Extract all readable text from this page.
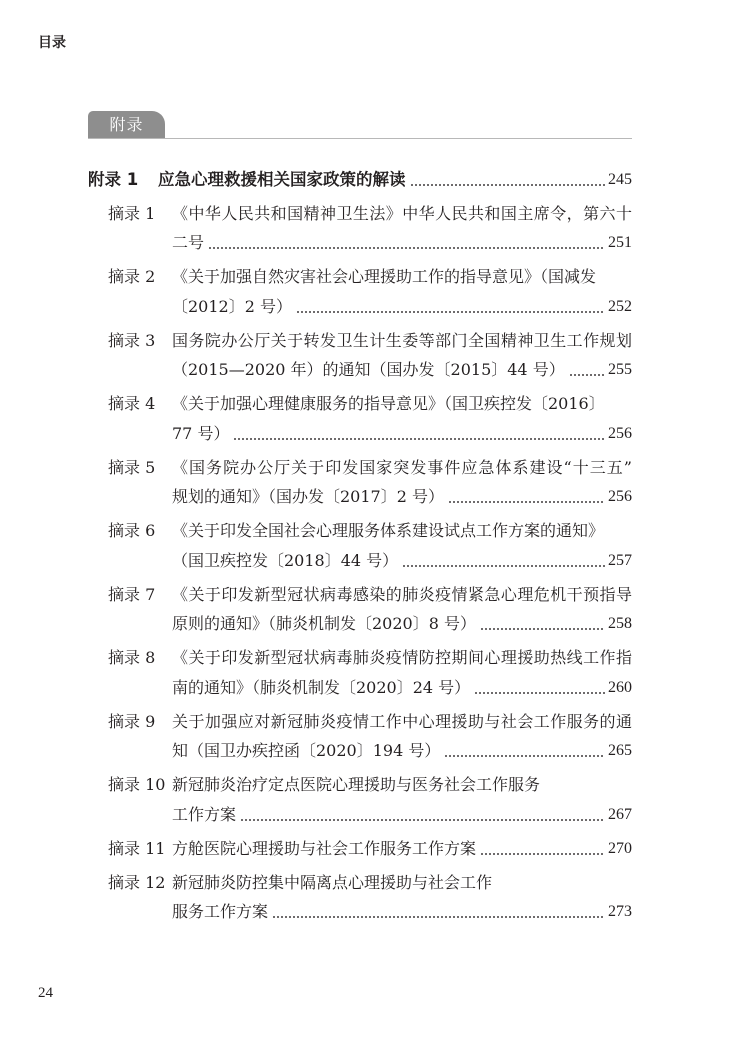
目录
附录
附录 1 应急心理救援相关国家政策的解读	245
摘录 1 《中华人民共和国精神卫生法》中华人民共和国主席令，第六十
二号	251
摘录 2 《关于加强自然灾害社会心理援助工作的指导意见》（国减发
〔2012〕2 号）	252
摘录 3 国务院办公厅关于转发卫生计生委等部门全国精神卫生工作规划
（2015—2020 年）的通知（国办发〔2015〕44 号）	255
摘录 4 《关于加强心理健康服务的指导意见》（国卫疾控发〔2016〕
77 号）	256
摘录 5 《国务院办公厅关于印发国家突发事件应急体系建设“十三五”
规划的通知》（国办发〔2017〕2 号）	256
摘录 6 《关于印发全国社会心理服务体系建设试点工作方案的通知》
（国卫疾控发〔2018〕44 号）	257
摘录 7 《关于印发新型冠状病毒感染的肺炎疫情紧急心理危机干预指导
原则的通知》（肺炎机制发〔2020〕8 号）	258
摘录 8 《关于印发新型冠状病毒肺炎疫情防控期间心理援助热线工作指
南的通知》（肺炎机制发〔2020〕24 号）	260
摘录 9 关于加强应对新冠肺炎疫情工作中心理援助与社会工作服务的通
知（国卫办疾控函〔2020〕194 号）	265
摘录 10 新冠肺炎治疗定点医院心理援助与医务社会工作服务
工作方案	267
摘录 11 方舱医院心理援助与社会工作服务工作方案	270
摘录 12 新冠肺炎防控集中隔离点心理援助与社会工作
服务工作方案	273
24
